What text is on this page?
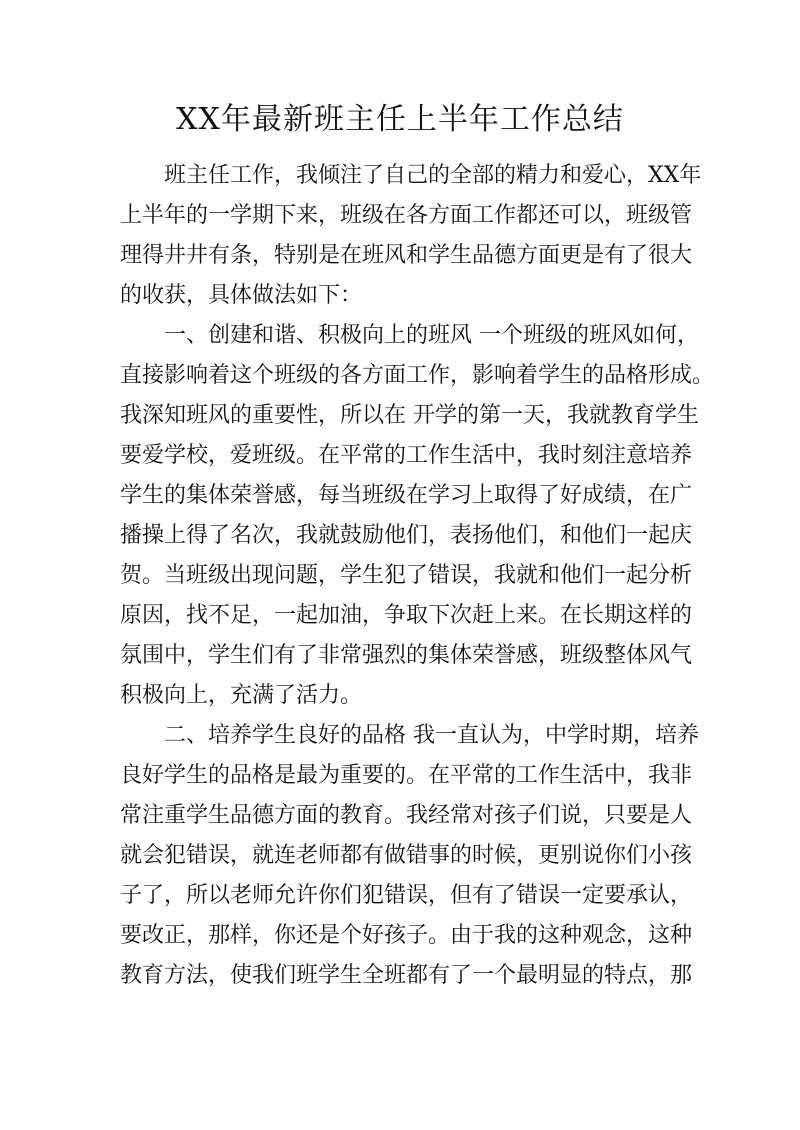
XX年最新班主任上半年工作总结
班主任工作，我倾注了自己的全部的精力和爱心，XX年
上半年的一学期下来，班级在各方面工作都还可以，班级管
理得井井有条，特别是在班风和学生品德方面更是有了很大
的收获，具体做法如下：
一、创建和谐、积极向上的班风 一个班级的班风如何，
直接影响着这个班级的各方面工作，影响着学生的品格形成。
我深知班风的重要性，所以在 开学的第一天，我就教育学生
要爱学校，爱班级。在平常的工作生活中，我时刻注意培养
学生的集体荣誉感，每当班级在学习上取得了好成绩，在广
播操上得了名次，我就鼓励他们，表扬他们，和他们一起庆
贺。当班级出现问题，学生犯了错误，我就和他们一起分析
原因，找不足，一起加油，争取下次赶上来。在长期这样的
氛围中，学生们有了非常强烈的集体荣誉感，班级整体风气
积极向上，充满了活力。
二、培养学生良好的品格 我一直认为，中学时期，培养
良好学生的品格是最为重要的。在平常的工作生活中，我非
常注重学生品德方面的教育。我经常对孩子们说，只要是人
就会犯错误，就连老师都有做错事的时候，更别说你们小孩
子了，所以老师允许你们犯错误，但有了错误一定要承认，
要改正，那样，你还是个好孩子。由于我的这种观念，这种
教育方法，使我们班学生全班都有了一个最明显的特点，那
